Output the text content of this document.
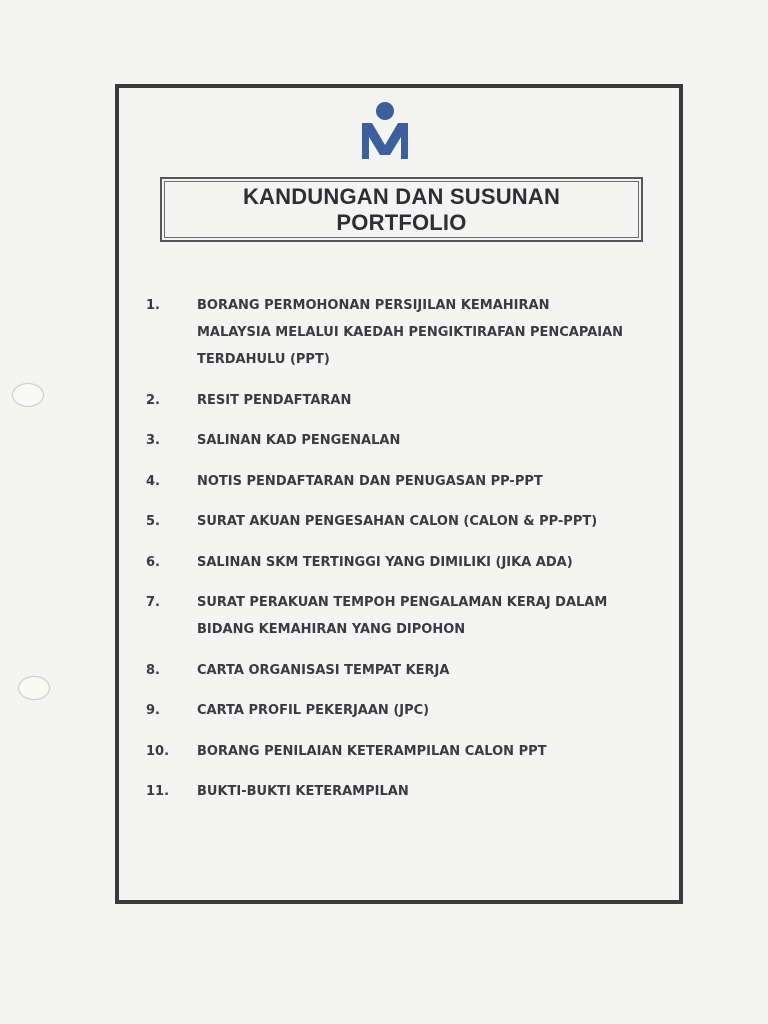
KANDUNGAN DAN SUSUNAN
PORTFOLIO
1.	BORANG PERMOHONAN PERSIJILAN KEMAHIRAN
MALAYSIA MELALUI KAEDAH PENGIKTIRAFAN PENCAPAIAN
TERDAHULU (PPT)
2.	RESIT PENDAFTARAN
3.	SALINAN KAD PENGENALAN
4.	NOTIS PENDAFTARAN DAN PENUGASAN PP-PPT
5.	SURAT AKUAN PENGESAHAN CALON (CALON & PP-PPT)
6.	SALINAN SKM TERTINGGI YANG DIMILIKI (JIKA ADA)
7.	SURAT PERAKUAN TEMPOH PENGALAMAN KERAJ DALAM
BIDANG KEMAHIRAN YANG DIPOHON
8.	CARTA ORGANISASI TEMPAT KERJA
9.	CARTA PROFIL PEKERJAAN (JPC)
10.	BORANG PENILAIAN KETERAMPILAN CALON PPT
11.	BUKTI-BUKTI KETERAMPILAN
